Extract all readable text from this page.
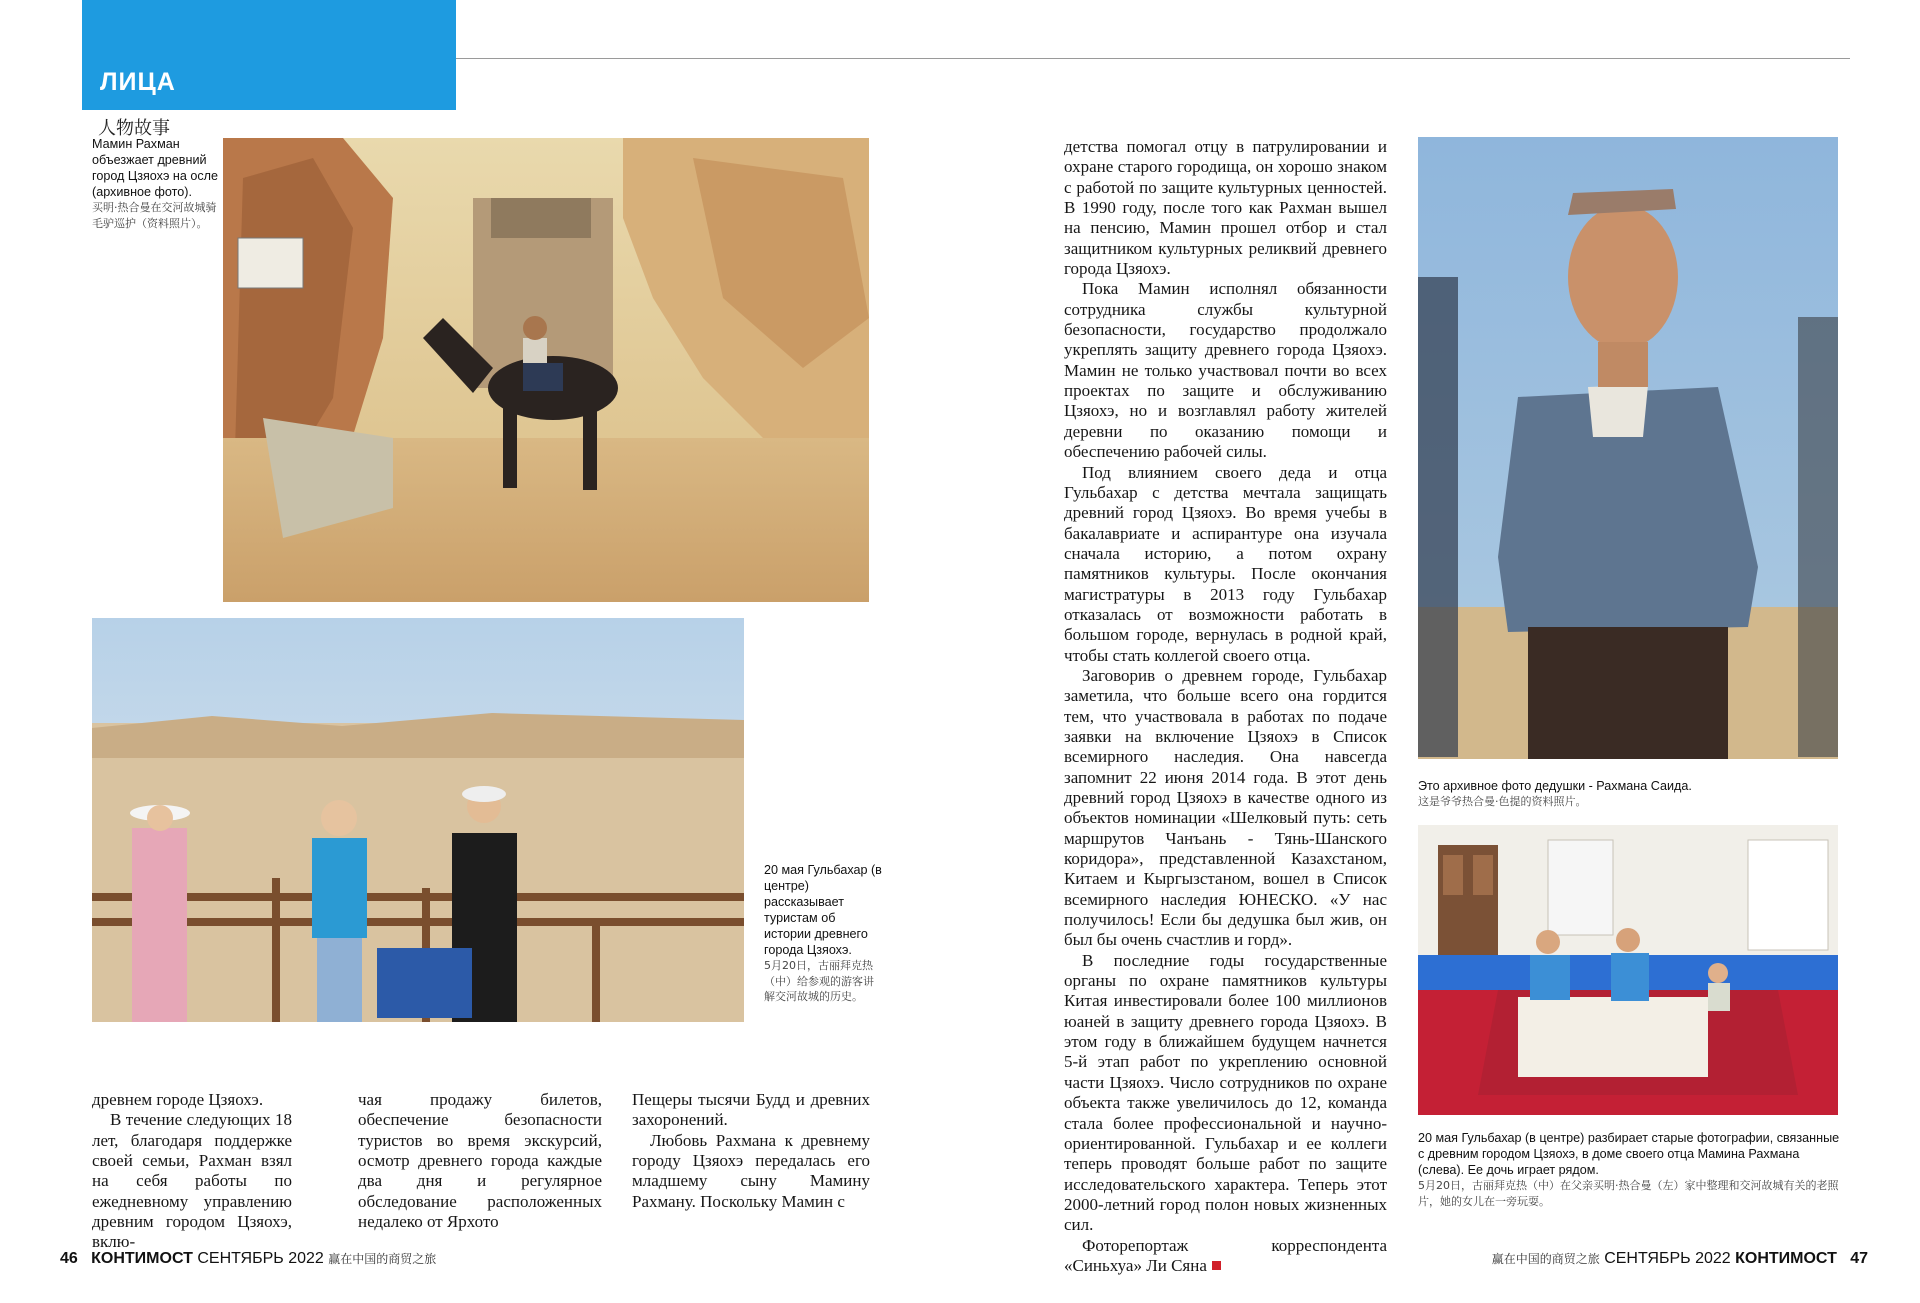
ЛИЦА
人物故事
Мамин Рахман объезжает древний город Цзяохэ на осле (архивное фото).
买明·热合曼在交河故城骑毛驴巡护（资料照片）。
20 мая Гульбахар (в центре) рассказывает туристам об истории древнего города Цзяохэ.
5月20日，古丽拜克热（中）给参观的游客讲解交河故城的历史。

древнем городе Цзяохэ.

В течение следующих 18 лет, благодаря поддержке своей семьи, Рахман взял на себя работы по ежедневному управлению древним городом Цзяохэ, вклю-

чая продажу билетов, обеспечение безопасности туристов во время экскурсий, осмотр древнего города каждые два дня и регулярное обследование расположенных недалеко от Ярхото

Пещеры тысячи Будд и древних захоронений.

Любовь Рахмана к древнему городу Цзяохэ передалась его младшему сыну Мамину Рахману. Поскольку Мамин с

детства помогал отцу в патрулировании и охране старого городища, он хорошо знаком с работой по защите культурных ценностей. В 1990 году, после того как Рахман вышел на пенсию, Мамин прошел отбор и стал защитником культурных реликвий древнего города Цзяохэ.

Пока Мамин исполнял обязанности сотрудника службы культурной безопасности, государство продолжало укреплять защиту древнего города Цзяохэ. Мамин не только участвовал почти во всех проектах по защите и обслуживанию Цзяохэ, но и возглавлял работу жителей деревни по оказанию помощи и обеспечению рабочей силы.

Под влиянием своего деда и отца Гульбахар с детства мечтала защищать древний город Цзяохэ. Во время учебы в бакалавриате и аспирантуре она изучала сначала историю, а потом охрану памятников культуры. После окончания магистратуры в 2013 году Гульбахар отказалась от возможности работать в большом городе, вернулась в родной край, чтобы стать коллегой своего отца.

Заговорив о древнем городе, Гульбахар заметила, что больше всего она гордится тем, что участвовала в работах по подаче заявки на включение Цзяохэ в Список всемирного наследия. Она навсегда запомнит 22 июня 2014 года. В этот день древний город Цзяохэ в качестве одного из объектов номинации «Шелковый путь: сеть маршрутов Чанъань - Тянь-Шанского коридора», представленной Казахстаном, Китаем и Кыргызстаном, вошел в Список всемирного наследия ЮНЕСКО. «У нас получилось! Если бы дедушка был жив, он был бы очень счастлив и горд».

В последние годы государственные органы по охране памятников культуры Китая инвестировали более 100 миллионов юаней в защиту древнего города Цзяохэ. В этом году в ближайшем будущем начнется 5-й этап работ по укреплению основной части Цзяохэ. Число сотрудников по охране объекта также увеличилось до 12, команда стала более профессиональной и научно-ориентированной. Гульбахар и ее коллеги теперь проводят больше работ по защите исследовательского характера. Теперь этот 2000-летний город полон новых жизненных сил.

Фоторепортаж корреспондента «Синьхуа» Ли Сяна

Это архивное фото дедушки - Рахмана Саида.
这是爷爷热合曼·色提的资料照片。
20 мая Гульбахар (в центре) разбирает старые фотографии, связанные с древним городом Цзяохэ, в доме своего отца Мамина Рахмана (слева). Ее дочь играет рядом.
5月20日，古丽拜克热（中）在父亲买明·热合曼（左）家中整理和交河故城有关的老照片，她的女儿在一旁玩耍。
46 КОНТИМОСТ СЕНТЯБРЬ 2022 赢在中国的商贸之旅	赢在中国的商贸之旅 СЕНТЯБРЬ 2022 КОНТИМОСТ 47
